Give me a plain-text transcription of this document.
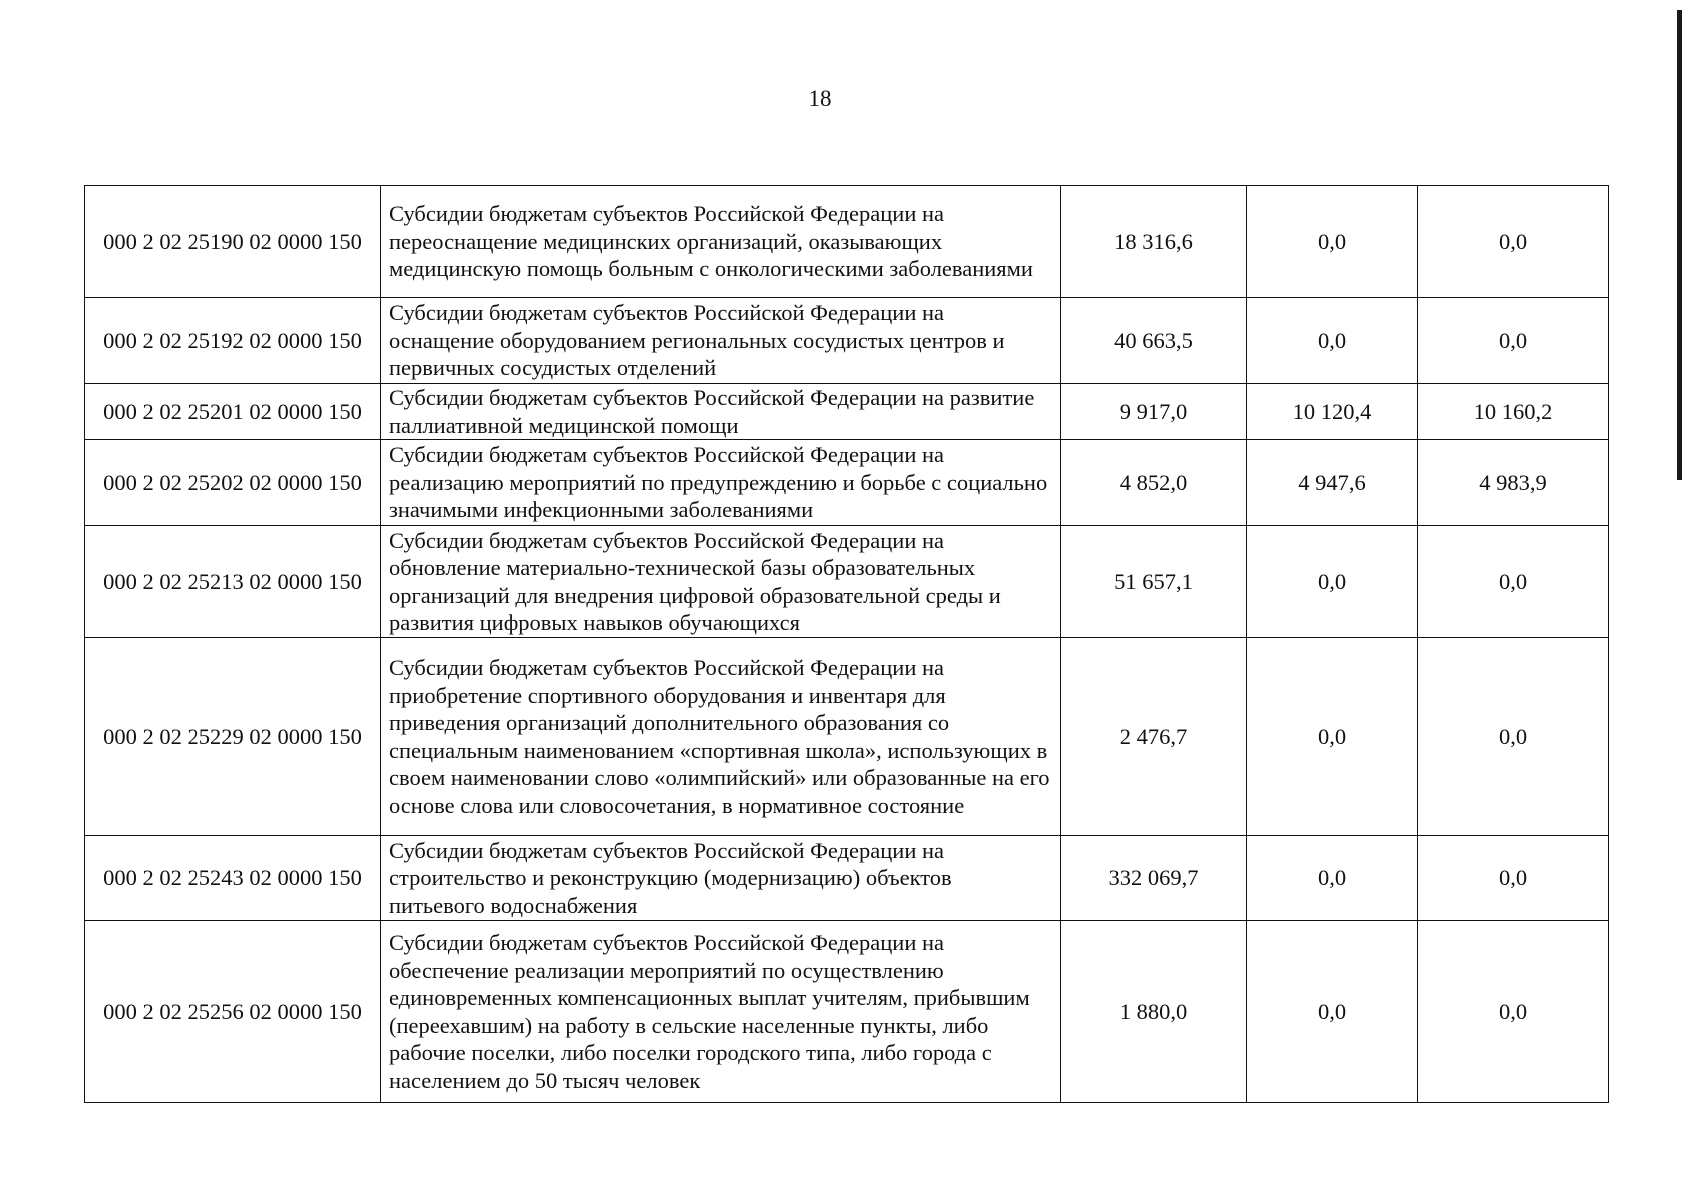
18
000 2 02 25190 02 0000 150	Субсидии бюджетам субъектов Российской Федерации на переоснащение медицинских организаций, оказывающих медицинскую помощь больным с онкологическими заболеваниями	18 316,6	0,0	0,0
000 2 02 25192 02 0000 150	Субсидии бюджетам субъектов Российской Федерации на оснащение оборудованием региональных сосудистых центров и первичных сосудистых отделений	40 663,5	0,0	0,0
000 2 02 25201 02 0000 150	Субсидии бюджетам субъектов Российской Федерации на развитие паллиативной медицинской помощи	9 917,0	10 120,4	10 160,2
000 2 02 25202 02 0000 150	Субсидии бюджетам субъектов Российской Федерации на реализацию мероприятий по предупреждению и борьбе с социально значимыми инфекционными заболеваниями	4 852,0	4 947,6	4 983,9
000 2 02 25213 02 0000 150	Субсидии бюджетам субъектов Российской Федерации на обновление материально-технической базы образовательных организаций для внедрения цифровой образовательной среды и развития цифровых навыков обучающихся	51 657,1	0,0	0,0
000 2 02 25229 02 0000 150	Субсидии бюджетам субъектов Российской Федерации на приобретение спортивного оборудования и инвентаря для приведения организаций дополнительного образования со специальным наименованием «спортивная школа», использующих в своем наименовании слово «олимпийский» или образованные на его основе слова или словосочетания, в нормативное состояние	2 476,7	0,0	0,0
000 2 02 25243 02 0000 150	Субсидии бюджетам субъектов Российской Федерации на строительство и реконструкцию (модернизацию) объектов питьевого водоснабжения	332 069,7	0,0	0,0
000 2 02 25256 02 0000 150	Субсидии бюджетам субъектов Российской Федерации на обеспечение реализации мероприятий по осуществлению единовременных компенсационных выплат учителям, прибывшим (переехавшим) на работу в сельские населенные пункты, либо рабочие поселки, либо поселки городского типа, либо города с населением до 50 тысяч человек	1 880,0	0,0	0,0
